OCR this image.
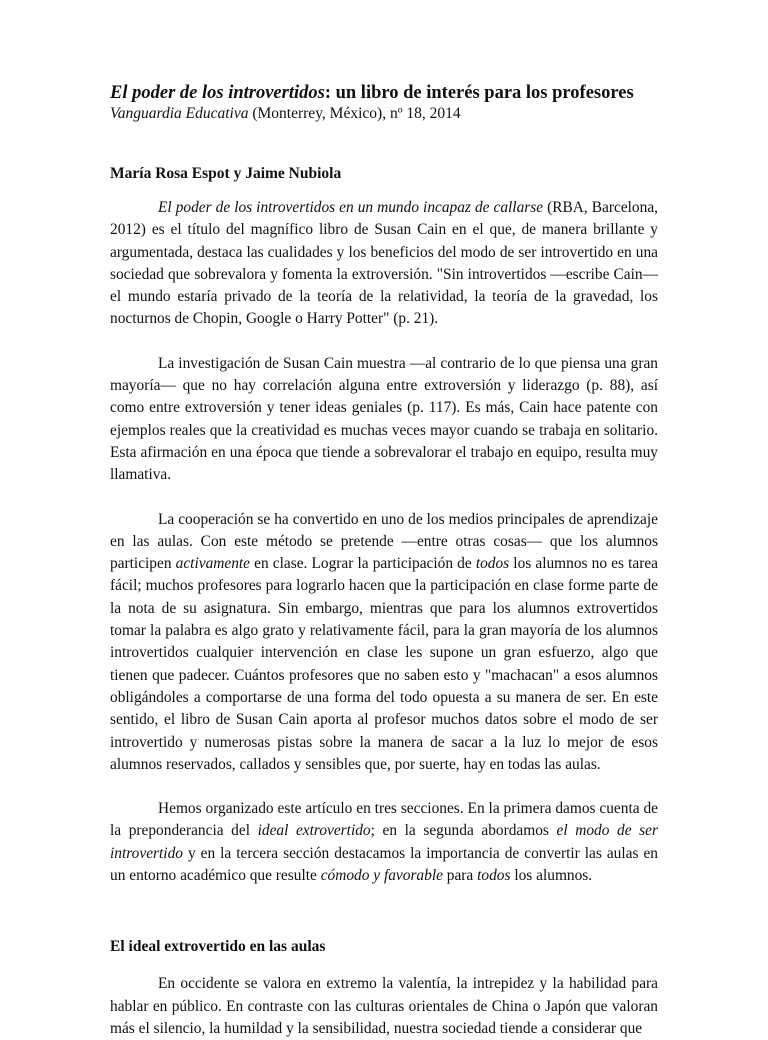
El poder de los introvertidos: un libro de interés para los profesores

Vanguardia Educativa (Monterrey, México), nº 18, 2014

María Rosa Espot y Jaime Nubiola

El poder de los introvertidos en un mundo incapaz de callarse (RBA, Barcelona, 2012) es el título del magnífico libro de Susan Cain en el que, de manera brillante y argumentada, destaca las cualidades y los beneficios del modo de ser introvertido en una sociedad que sobrevalora y fomenta la extroversión. "Sin introvertidos —escribe Cain— el mundo estaría privado de la teoría de la relatividad, la teoría de la gravedad, los nocturnos de Chopin, Google o Harry Potter" (p. 21).

La investigación de Susan Cain muestra —al contrario de lo que piensa una gran mayoría— que no hay correlación alguna entre extroversión y liderazgo (p. 88), así como entre extroversión y tener ideas geniales (p. 117). Es más, Cain hace patente con ejemplos reales que la creatividad es muchas veces mayor cuando se trabaja en solitario. Esta afirmación en una época que tiende a sobrevalorar el trabajo en equipo, resulta muy llamativa.

La cooperación se ha convertido en uno de los medios principales de aprendizaje en las aulas. Con este método se pretende —entre otras cosas— que los alumnos participen activamente en clase. Lograr la participación de todos los alumnos no es tarea fácil; muchos profesores para lograrlo hacen que la participación en clase forme parte de la nota de su asignatura. Sin embargo, mientras que para los alumnos extrovertidos tomar la palabra es algo grato y relativamente fácil, para la gran mayoría de los alumnos introvertidos cualquier intervención en clase les supone un gran esfuerzo, algo que tienen que padecer. Cuántos profesores que no saben esto y "machacan" a esos alumnos obligándoles a comportarse de una forma del todo opuesta a su manera de ser. En este sentido, el libro de Susan Cain aporta al profesor muchos datos sobre el modo de ser introvertido y numerosas pistas sobre la manera de sacar a la luz lo mejor de esos alumnos reservados, callados y sensibles que, por suerte, hay en todas las aulas.

Hemos organizado este artículo en tres secciones. En la primera damos cuenta de la preponderancia del ideal extrovertido; en la segunda abordamos el modo de ser introvertido y en la tercera sección destacamos la importancia de convertir las aulas en un entorno académico que resulte cómodo y favorable para todos los alumnos.

El ideal extrovertido en las aulas

En occidente se valora en extremo la valentía, la intrepidez y la habilidad para hablar en público. En contraste con las culturas orientales de China o Japón que valoran más el silencio, la humildad y la sensibilidad, nuestra sociedad tiende a considerar que
